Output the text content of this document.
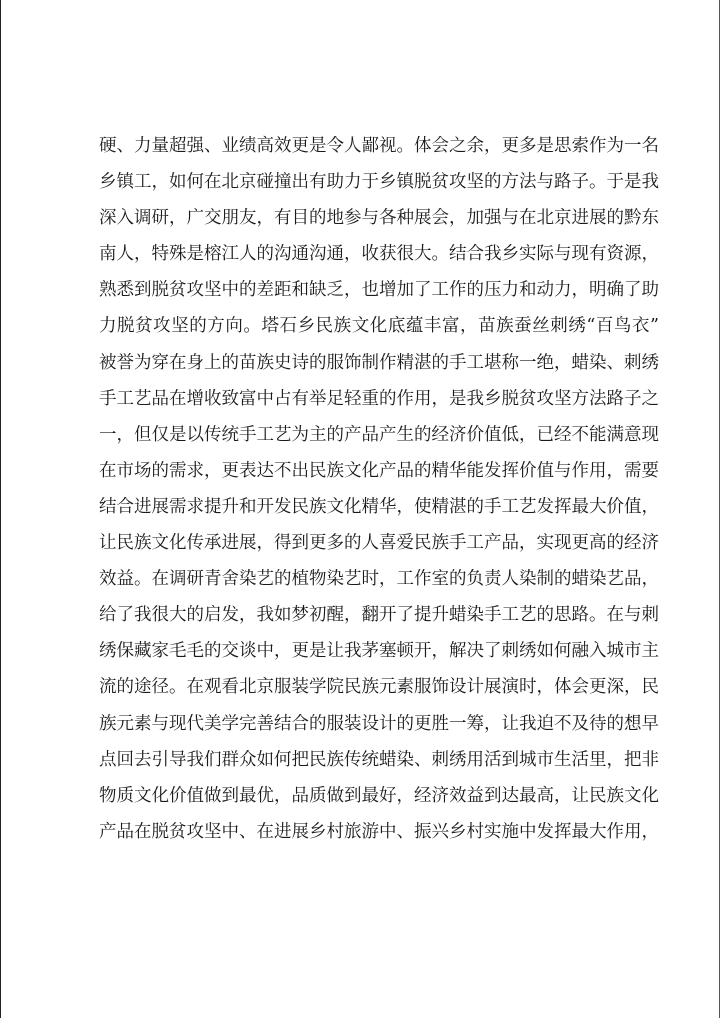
硬、力量超强、业绩高效更是令人鄙视。体会之余，更多是思索作为一名
乡镇工，如何在北京碰撞出有助力于乡镇脱贫攻坚的方法与路子。于是我
深入调研，广交朋友，有目的地参与各种展会，加强与在北京进展的黔东
南人，特殊是榕江人的沟通沟通，收获很大。结合我乡实际与现有资源，
熟悉到脱贫攻坚中的差距和缺乏，也增加了工作的压力和动力，明确了助
力脱贫攻坚的方向。塔石乡民族文化底蕴丰富，苗族蚕丝刺绣“百鸟衣”
被誉为穿在身上的苗族史诗的服饰制作精湛的手工堪称一绝，蜡染、刺绣
手工艺品在增收致富中占有举足轻重的作用，是我乡脱贫攻坚方法路子之
一，但仅是以传统手工艺为主的产品产生的经济价值低，已经不能满意现
在市场的需求，更表达不出民族文化产品的精华能发挥价值与作用，需要
结合进展需求提升和开发民族文化精华，使精湛的手工艺发挥最大价值，
让民族文化传承进展，得到更多的人喜爱民族手工产品，实现更高的经济
效益。在调研青舍染艺的植物染艺时，工作室的负责人染制的蜡染艺品，
给了我很大的启发，我如梦初醒，翻开了提升蜡染手工艺的思路。在与刺
绣保藏家毛毛的交谈中，更是让我茅塞顿开，解决了刺绣如何融入城市主
流的途径。在观看北京服装学院民族元素服饰设计展演时，体会更深，民
族元素与现代美学完善结合的服装设计的更胜一筹，让我迫不及待的想早
点回去引导我们群众如何把民族传统蜡染、刺绣用活到城市生活里，把非
物质文化价值做到最优，品质做到最好，经济效益到达最高，让民族文化
产品在脱贫攻坚中、在进展乡村旅游中、振兴乡村实施中发挥最大作用，
